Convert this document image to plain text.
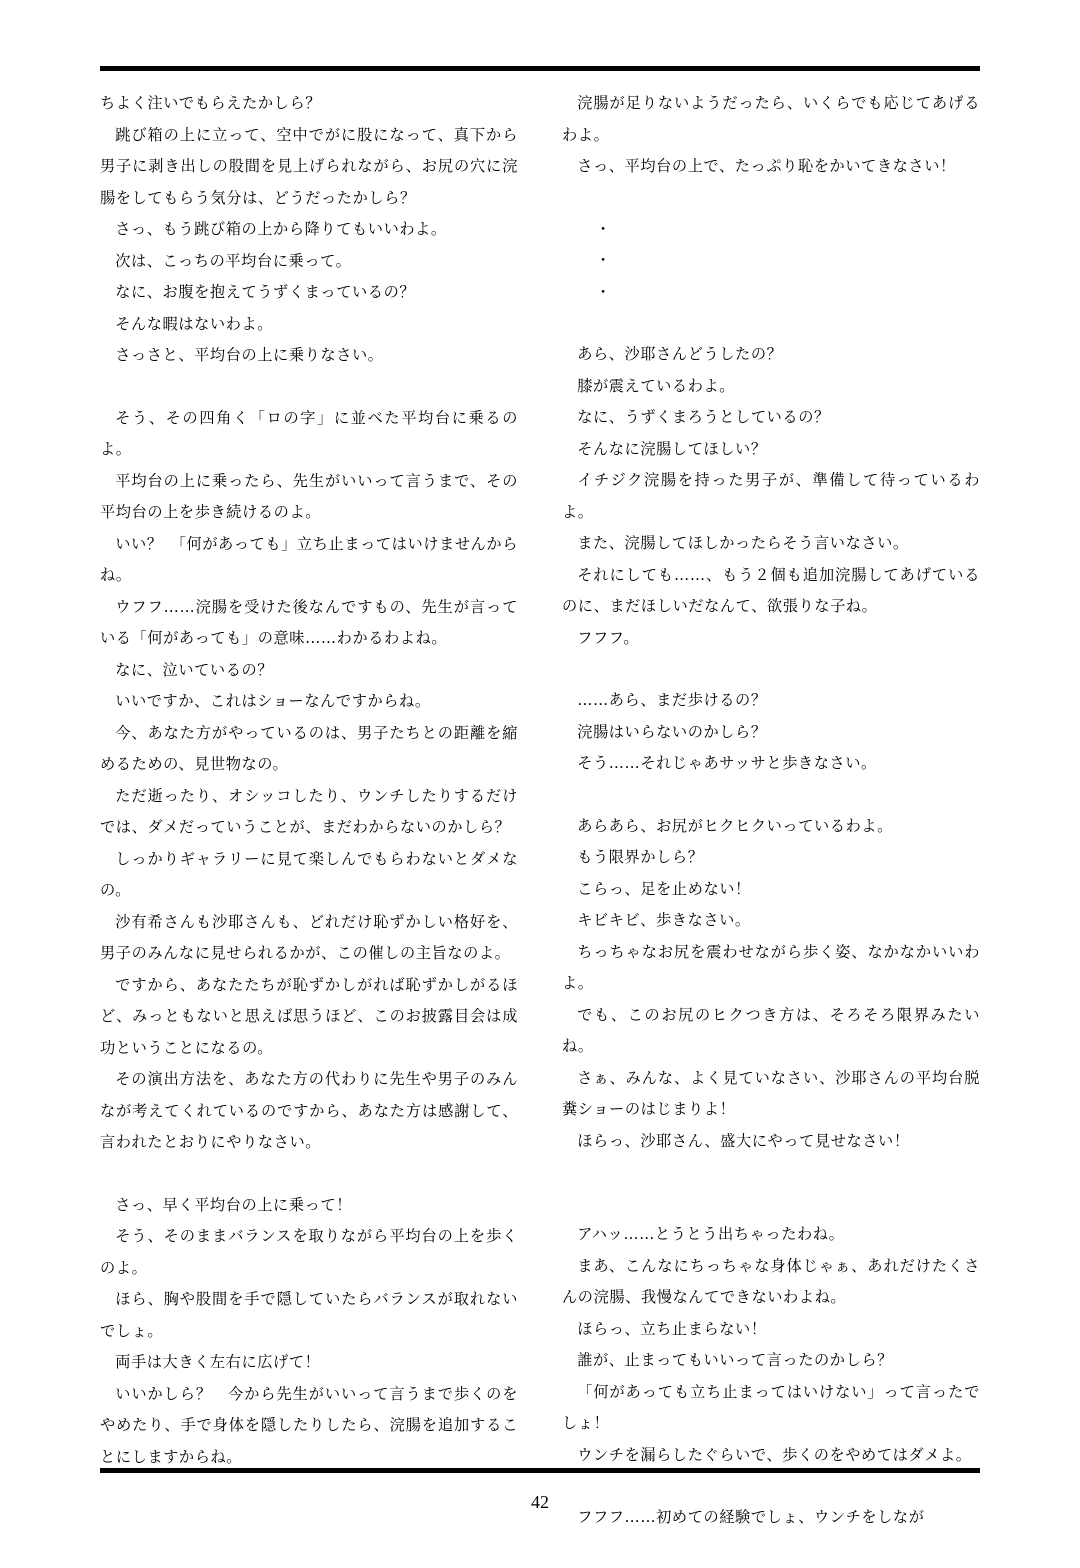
ちよく注いでもらえたかしら？

跳び箱の上に立って、空中でがに股になって、真下から男子に剥き出しの股間を見上げられながら、お尻の穴に浣腸をしてもらう気分は、どうだったかしら？

さっ、もう跳び箱の上から降りてもいいわよ。

次は、こっちの平均台に乗って。

なに、お腹を抱えてうずくまっているの？

そんな暇はないわよ。

さっさと、平均台の上に乗りなさい。

そう、その四角く「ロの字」に並べた平均台に乗るのよ。

平均台の上に乗ったら、先生がいいって言うまで、その平均台の上を歩き続けるのよ。

いい？　「何があっても」立ち止まってはいけませんからね。

ウフフ……浣腸を受けた後なんですもの、先生が言っている「何があっても」の意味……わかるわよね。

なに、泣いているの？

いいですか、これはショーなんですからね。

今、あなた方がやっているのは、男子たちとの距離を縮めるための、見世物なの。

ただ逝ったり、オシッコしたり、ウンチしたりするだけでは、ダメだっていうことが、まだわからないのかしら？

しっかりギャラリーに見て楽しんでもらわないとダメなの。

沙有希さんも沙耶さんも、どれだけ恥ずかしい格好を、男子のみんなに見せられるかが、この催しの主旨なのよ。

ですから、あなたたちが恥ずかしがれば恥ずかしがるほど、みっともないと思えば思うほど、このお披露目会は成功ということになるの。

その演出方法を、あなた方の代わりに先生や男子のみんなが考えてくれているのですから、あなた方は感謝して、言われたとおりにやりなさい。

さっ、早く平均台の上に乗って！

そう、そのままバランスを取りながら平均台の上を歩くのよ。

ほら、胸や股間を手で隠していたらバランスが取れないでしょ。

両手は大きく左右に広げて！

いいかしら？　今から先生がいいって言うまで歩くのをやめたり、手で身体を隠したりしたら、浣腸を追加することにしますからね。

浣腸が足りないようだったら、いくらでも応じてあげるわよ。

さっ、平均台の上で、たっぷり恥をかいてきなさい！

・
・
・

あら、沙耶さんどうしたの？

膝が震えているわよ。

なに、うずくまろうとしているの？

そんなに浣腸してほしい？

イチジク浣腸を持った男子が、準備して待っているわよ。

また、浣腸してほしかったらそう言いなさい。

それにしても……、もう２個も追加浣腸してあげているのに、まだほしいだなんて、欲張りな子ね。

フフフ。

……あら、まだ歩けるの？

浣腸はいらないのかしら？

そう……それじゃあサッサと歩きなさい。

あらあら、お尻がヒクヒクいっているわよ。

もう限界かしら？

こらっ、足を止めない！

キビキビ、歩きなさい。

ちっちゃなお尻を震わせながら歩く姿、なかなかいいわよ。

でも、このお尻のヒクつき方は、そろそろ限界みたいね。

さぁ、みんな、よく見ていなさい、沙耶さんの平均台脱糞ショーのはじまりよ！

ほらっ、沙耶さん、盛大にやって見せなさい！

アハッ……とうとう出ちゃったわね。

まあ、こんなにちっちゃな身体じゃぁ、あれだけたくさんの浣腸、我慢なんてできないわよね。

ほらっ、立ち止まらない！

誰が、止まってもいいって言ったのかしら？

「何があっても立ち止まってはいけない」って言ったでしょ！

ウンチを漏らしたぐらいで、歩くのをやめてはダメよ。

フフフ……初めての経験でしょ、ウンチをしなが

42
